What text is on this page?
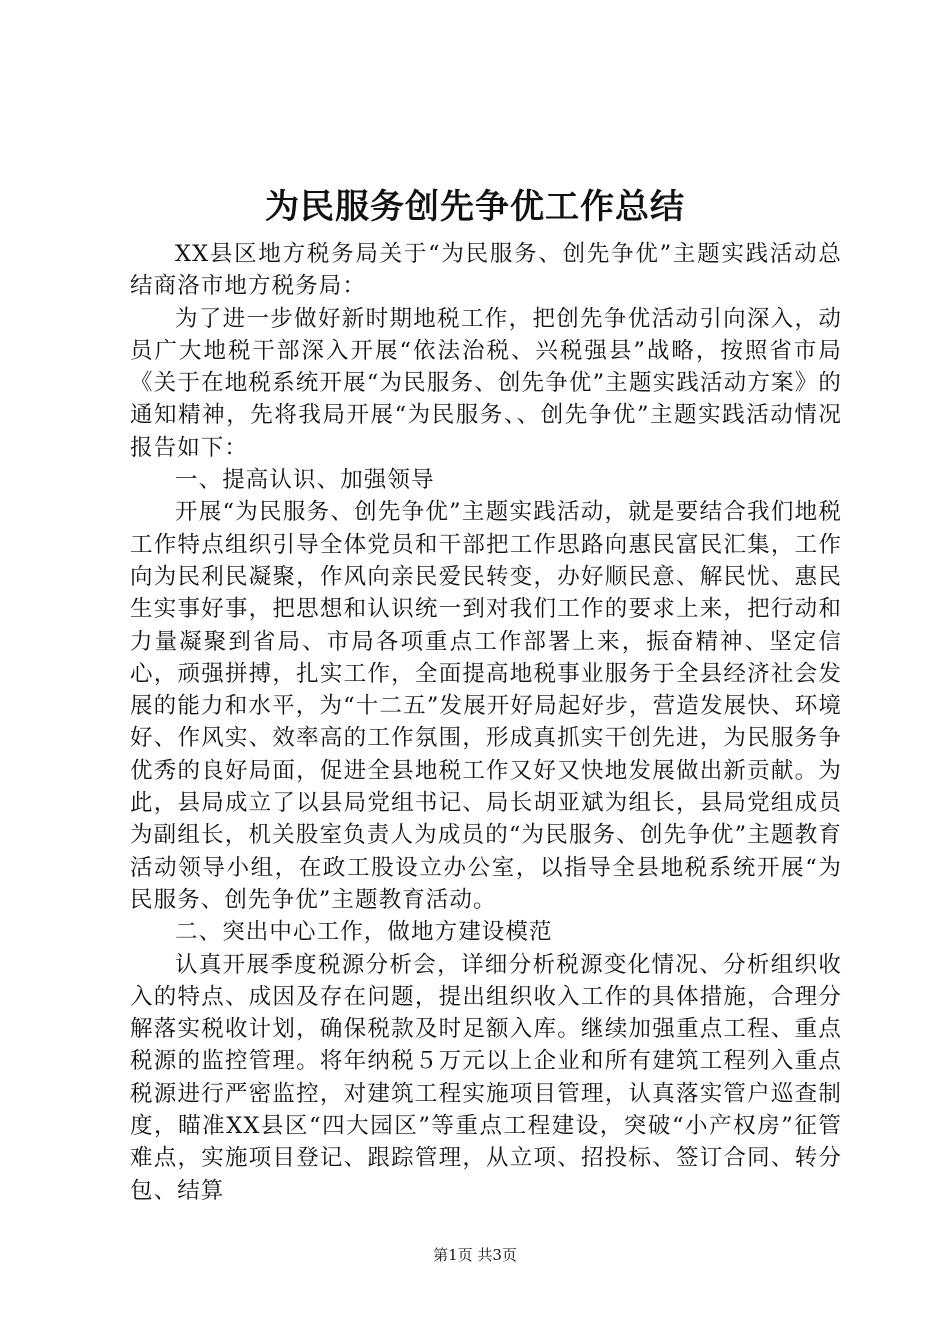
为民服务创先争优工作总结

XX县区地方税务局关于“为民服务、创先争优”主题实践活动总结商洛市地方税务局：

为了进一步做好新时期地税工作，把创先争优活动引向深入，动员广大地税干部深入开展“依法治税、兴税强县”战略，按照省市局《关于在地税系统开展“为民服务、创先争优”主题实践活动方案》的通知精神，先将我局开展“为民服务、、创先争优”主题实践活动情况报告如下：

一、提高认识、加强领导

开展“为民服务、创先争优”主题实践活动，就是要结合我们地税工作特点组织引导全体党员和干部把工作思路向惠民富民汇集，工作向为民利民凝聚，作风向亲民爱民转变，办好顺民意、解民忧、惠民生实事好事，把思想和认识统一到对我们工作的要求上来，把行动和力量凝聚到省局、市局各项重点工作部署上来，振奋精神、坚定信心，顽强拼搏，扎实工作，全面提高地税事业服务于全县经济社会发展的能力和水平，为“十二五”发展开好局起好步，营造发展快、环境好、作风实、效率高的工作氛围，形成真抓实干创先进，为民服务争优秀的良好局面，促进全县地税工作又好又快地发展做出新贡献。为此，县局成立了以县局党组书记、局长胡亚斌为组长，县局党组成员为副组长，机关股室负责人为成员的“为民服务、创先争优”主题教育活动领导小组，在政工股设立办公室，以指导全县地税系统开展“为民服务、创先争优”主题教育活动。

二、突出中心工作，做地方建设模范

认真开展季度税源分析会，详细分析税源变化情况、分析组织收入的特点、成因及存在问题，提出组织收入工作的具体措施，合理分解落实税收计划，确保税款及时足额入库。继续加强重点工程、重点税源的监控管理。将年纳税５万元以上企业和所有建筑工程列入重点税源进行严密监控，对建筑工程实施项目管理，认真落实管户巡查制度，瞄准XX县区“四大园区”等重点工程建设，突破“小产权房”征管难点，实施项目登记、跟踪管理，从立项、招投标、签订合同、转分包、结算

第1页 共3页
